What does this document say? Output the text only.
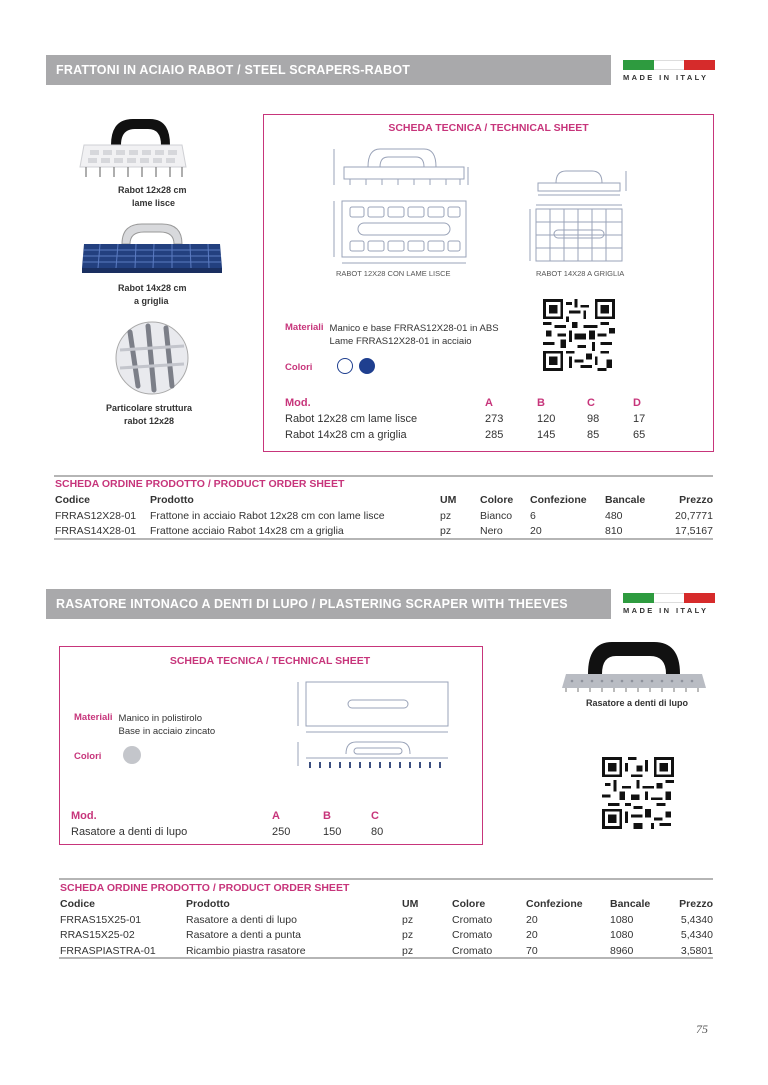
FRATTONI IN ACIAIO RABOT / STEEL SCRAPERS-RABOT
MADE IN ITALY
Rabot 12x28 cm
lame lisce
Rabot 14x28 cm
a griglia
Particolare struttura
rabot 12x28
SCHEDA TECNICA / TECHNICAL SHEET
RABOT 12X28 CON LAME LISCE	RABOT 14X28 A GRIGLIA
Materiali Manico e base FRRAS12X28-01 in ABS
Lame FRRAS12X28-01 in acciaio
Colori
Mod.	A	B	C	D
Rabot 12x28 cm lame lisce	273	120	98	17
Rabot 14x28 cm a griglia	285	145	85	65
SCHEDA ORDINE PRODOTTO / PRODUCT ORDER SHEET
Codice	Prodotto	UM	Colore	Confezione	Bancale	Prezzo
FRRAS12X28-01	Frattone in acciaio Rabot 12x28 cm con lame lisce	pz	Bianco	6	480	20,7771
FRRAS14X28-01	Frattone acciaio Rabot 14x28 cm a griglia	pz	Nero	20	810	17,5167
RASATORE INTONACO A DENTI DI LUPO / PLASTERING SCRAPER WITH THEEVES	MADE IN ITALY
SCHEDA TECNICA / TECHNICAL SHEET
Materiali Manico in polistirolo
Base in acciaio zincato
Colori
Mod.	A	B	C
Rasatore a denti di lupo	250	150	80
Rasatore a denti di lupo
SCHEDA ORDINE PRODOTTO / PRODUCT ORDER SHEET
Codice	Prodotto	UM	Colore	Confezione	Bancale	Prezzo
FRRAS15X25-01	Rasatore a denti di lupo	pz	Cromato	20	1080	5,4340
RRAS15X25-02	Rasatore a denti a punta	pz	Cromato	20	1080	5,4340
FRRASPIASTRA-01	Ricambio piastra rasatore	pz	Cromato	70	8960	3,5801
75
